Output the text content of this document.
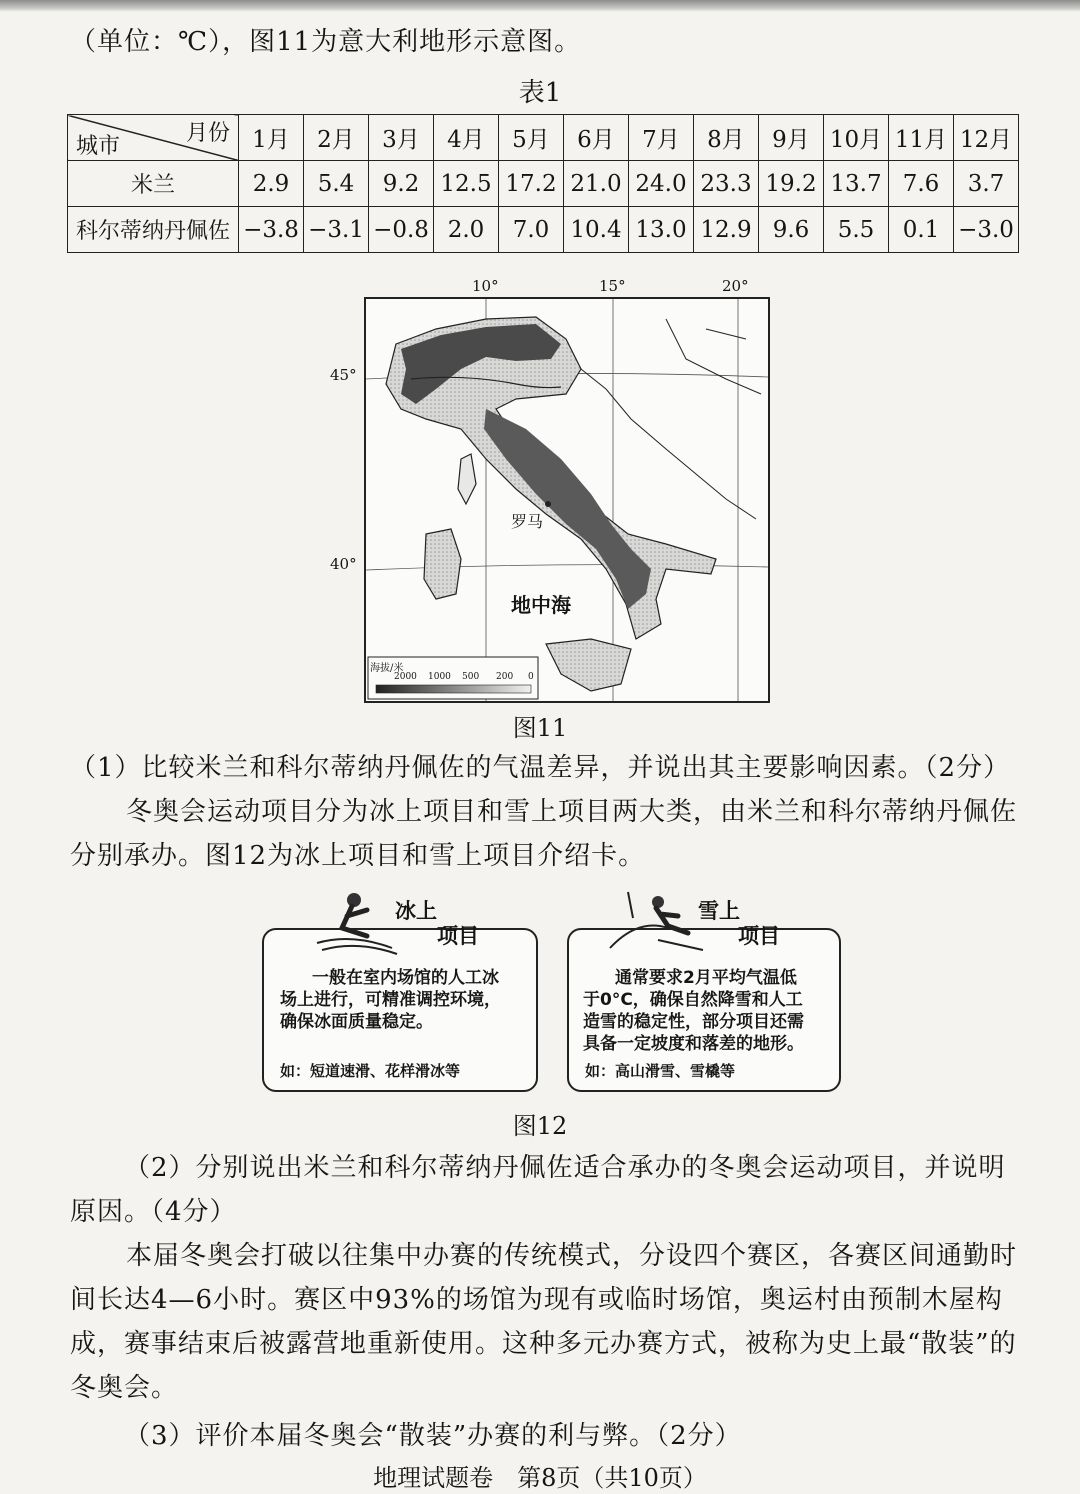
（单位：℃），图11为意大利地形示意图。
表1
月份
城市	1月	2月	3月	4月	5月	6月	7月	8月	9月	10月	11月	12月
米兰	2.9	5.4	9.2	12.5	17.2	21.0	24.0	23.3	19.2	13.7	7.6	3.7
科尔蒂纳丹佩佐	−3.8	−3.1	−0.8	2.0	7.0	10.4	13.0	12.9	9.6	5.5	0.1	−3.0
10°	15°	20°
45°
40°
罗马
地中海
海拔/米
2000 1000 500 200 0
图11
（1）比较米兰和科尔蒂纳丹佩佐的气温差异，并说出其主要影响因素。（2分）
冬奥会运动项目分为冰上项目和雪上项目两大类，由米兰和科尔蒂纳丹佩佐分别承办。图12为冰上项目和雪上项目介绍卡。
冰上
项目
一般在室内场馆的人工冰
场上进行，可精准调控环境，
确保冰面质量稳定。
如：短道速滑、花样滑冰等
雪上
项目
通常要求2月平均气温低
于0°C，确保自然降雪和人工
造雪的稳定性，部分项目还需
具备一定坡度和落差的地形。
如：高山滑雪、雪橇等
图12
（2）分别说出米兰和科尔蒂纳丹佩佐适合承办的冬奥会运动项目，并说明原因。（4分）
本届冬奥会打破以往集中办赛的传统模式，分设四个赛区，各赛区间通勤时间长达4—6小时。赛区中93%的场馆为现有或临时场馆，奥运村由预制木屋构成，赛事结束后被露营地重新使用。这种多元办赛方式，被称为史上最“散装”的冬奥会。
（3）评价本届冬奥会“散装”办赛的利与弊。（2分）
地理试题卷　第8页（共10页）
